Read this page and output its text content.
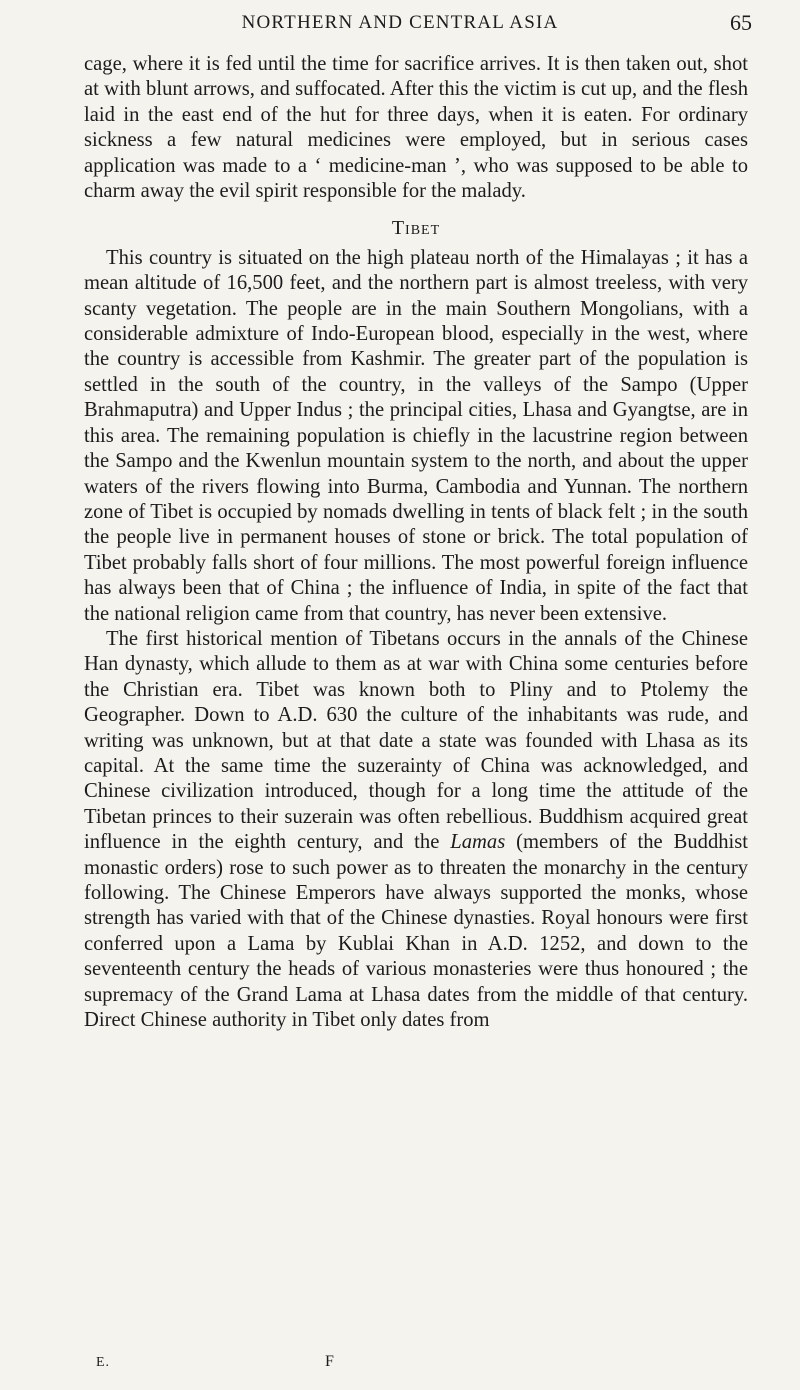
NORTHERN AND CENTRAL ASIA	65

cage, where it is fed until the time for sacrifice arrives. It is then taken out, shot at with blunt arrows, and suffocated. After this the victim is cut up, and the flesh laid in the east end of the hut for three days, when it is eaten. For ordinary sickness a few natural medicines were employed, but in serious cases application was made to a ‘ medicine-man ’, who was supposed to be able to charm away the evil spirit responsible for the malady.

Tibet

This country is situated on the high plateau north of the Himalayas ; it has a mean altitude of 16,500 feet, and the northern part is almost treeless, with very scanty vegetation. The people are in the main Southern Mongolians, with a considerable admixture of Indo-European blood, especially in the west, where the country is accessible from Kashmir. The greater part of the population is settled in the south of the country, in the valleys of the Sampo (Upper Brahmaputra) and Upper Indus ; the principal cities, Lhasa and Gyangtse, are in this area. The remaining population is chiefly in the lacustrine region between the Sampo and the Kwenlun mountain system to the north, and about the upper waters of the rivers flowing into Burma, Cambodia and Yunnan. The northern zone of Tibet is occupied by nomads dwelling in tents of black felt ; in the south the people live in permanent houses of stone or brick. The total population of Tibet probably falls short of four millions. The most powerful foreign influence has always been that of China ; the influence of India, in spite of the fact that the national religion came from that country, has never been extensive.

The first historical mention of Tibetans occurs in the annals of the Chinese Han dynasty, which allude to them as at war with China some centuries before the Christian era. Tibet was known both to Pliny and to Ptolemy the Geographer. Down to A.D. 630 the culture of the inhabitants was rude, and writing was unknown, but at that date a state was founded with Lhasa as its capital. At the same time the suzerainty of China was acknowledged, and Chinese civilization introduced, though for a long time the attitude of the Tibetan princes to their suzerain was often rebellious. Buddhism acquired great influence in the eighth century, and the Lamas (members of the Buddhist monastic orders) rose to such power as to threaten the monarchy in the century following. The Chinese Emperors have always supported the monks, whose strength has varied with that of the Chinese dynasties. Royal honours were first conferred upon a Lama by Kublai Khan in A.D. 1252, and down to the seventeenth century the heads of various monasteries were thus honoured ; the supremacy of the Grand Lama at Lhasa dates from the middle of that century. Direct Chinese authority in Tibet only dates from

E.	F
